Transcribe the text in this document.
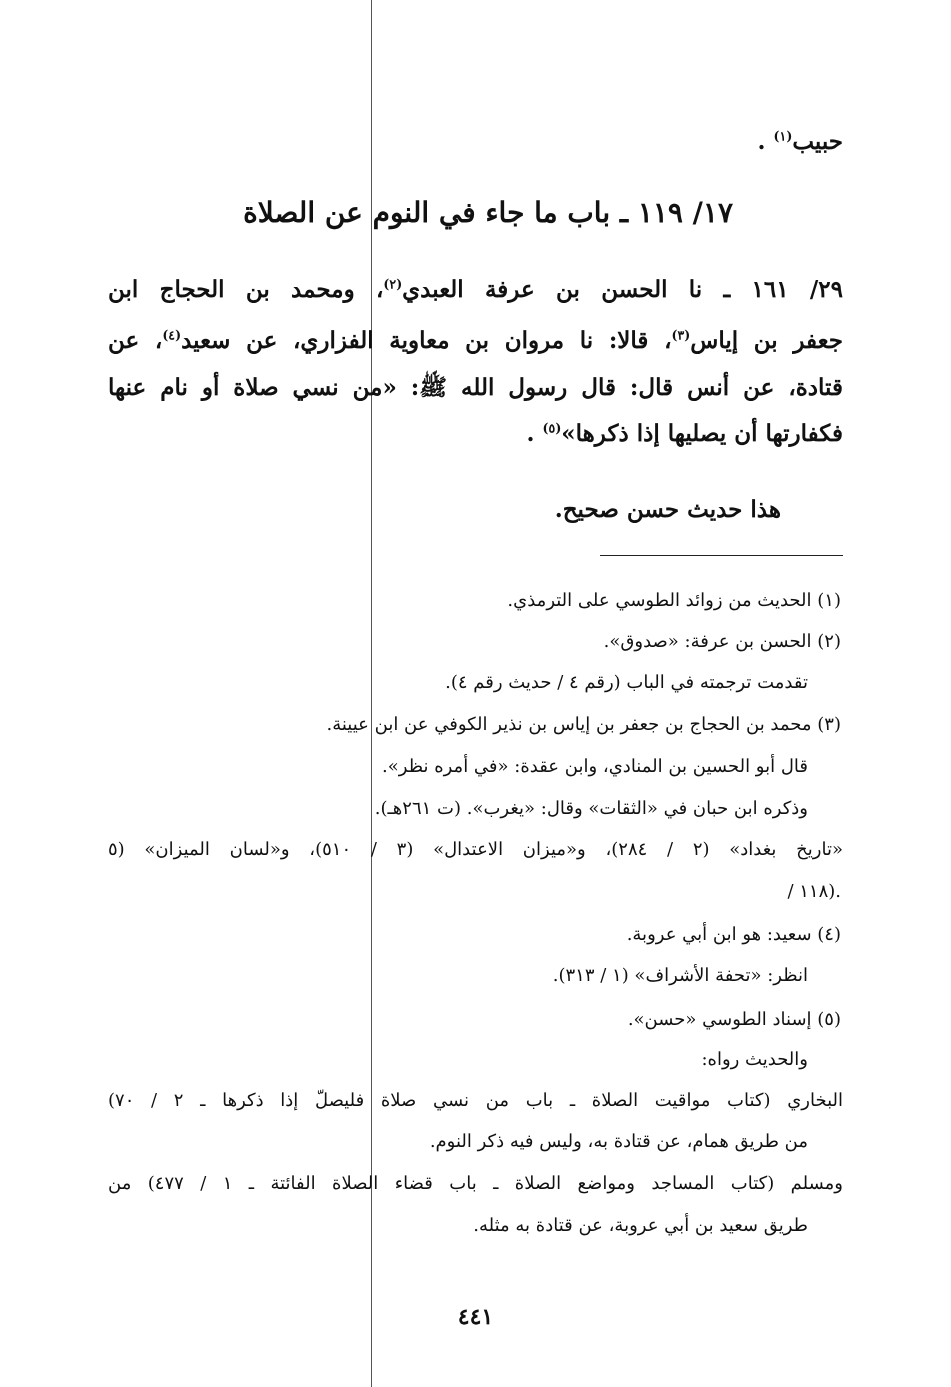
حبيب$^{(١)}$ .
١٧/ ١١٩ ـ باب ما جاء في النوم عن الصلاة
٢٩/ ١٦١ ـ نا الحسن بن عرفة العبدي$^{(٢)}$، ومحمد بن الحجاج ابن
جعفر بن إياس$^{(٣)}$، قالا: نا مروان بن معاوية الفزاري، عن سعيد$^{(٤)}$، عن
قتادة، عن أنس قال: قال رسول الله ﷺ: «من نسي صلاة أو نام عنها
فكفارتها أن يصليها إذا ذكرها»$^{(٥)}$ .
هذا حديث حسن صحيح.
(١) الحديث من زوائد الطوسي على الترمذي.
(٢) الحسن بن عرفة: «صدوق».
تقدمت ترجمته في الباب (رقم ٤ / حديث رقم ٤).
(٣) محمد بن الحجاج بن جعفر بن إياس بن نذير الكوفي عن ابن عيينة.
قال أبو الحسين بن المنادي، وابن عقدة: «في أمره نظر».
وذكره ابن حبان في «الثقات» وقال: «يغرب». (ت ٢٦١هـ).
«تاريخ بغداد» (٢ / ٢٨٤)، و«ميزان الاعتدال» (٣ / ٥١٠)، و«لسان الميزان» (٥
/ ١١٨).
(٤) سعيد: هو ابن أبي عروبة.
انظر: «تحفة الأشراف» (١ / ٣١٣).
(٥) إسناد الطوسي «حسن».
والحديث رواه:
البخاري (كتاب مواقيت الصلاة ـ باب من نسي صلاة فليصلّ إذا ذكرها ـ ٢ / ٧٠)
من طريق همام، عن قتادة به، وليس فيه ذكر النوم.
ومسلم (كتاب المساجد ومواضع الصلاة ـ باب قضاء الصلاة الفائتة ـ ١ / ٤٧٧) من
طريق سعيد بن أبي عروبة، عن قتادة به مثله.
٤٤١
